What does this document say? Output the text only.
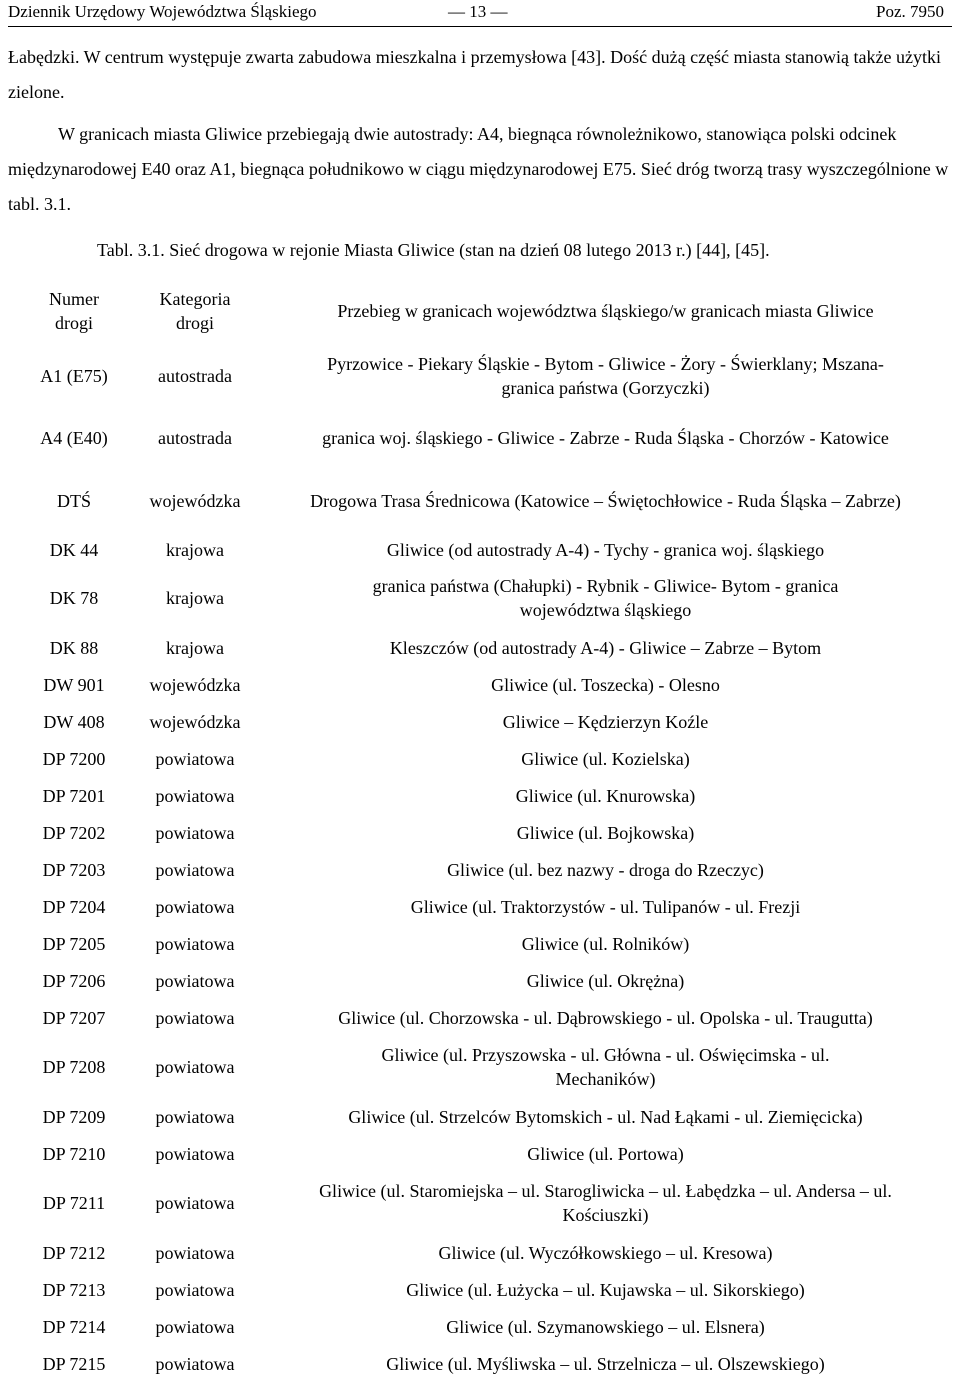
Dziennik Urzędowy Województwa Śląskiego	— 13 —	Poz. 7950

Łabędzki. W centrum występuje zwarta zabudowa mieszkalna i przemysłowa [43]. Dość dużą część miasta stanowią także użytki zielone.

W granicach miasta Gliwice przebiegają dwie autostrady: A4, biegnąca równoleżnikowo, stanowiąca polski odcinek międzynarodowej E40 oraz A1, biegnąca południkowo w ciągu międzynarodowej E75. Sieć dróg tworzą trasy wyszczególnione w tabl. 3.1.

Tabl. 3.1. Sieć drogowa w rejonie Miasta Gliwice (stan na dzień 08 lutego 2013 r.) [44], [45].
Numer drogi	Kategoria drogi	Przebieg w granicach województwa śląskiego/w granicach miasta Gliwice
A1 (E75)	autostrada	Pyrzowice - Piekary Śląskie - Bytom - Gliwice - Żory - Świerklany; Mszana- granica państwa (Gorzyczki)
A4 (E40)	autostrada	granica woj. śląskiego - Gliwice - Zabrze - Ruda Śląska - Chorzów - Katowice
DTŚ	wojewódzka	Drogowa Trasa Średnicowa (Katowice – Świętochłowice - Ruda Śląska – Zabrze)
DK 44	krajowa	Gliwice (od autostrady A-4) - Tychy - granica woj. śląskiego
DK 78	krajowa	granica państwa (Chałupki) - Rybnik - Gliwice- Bytom - granica województwa śląskiego
DK 88	krajowa	Kleszczów (od autostrady A-4) - Gliwice – Zabrze – Bytom
DW 901	wojewódzka	Gliwice (ul. Toszecka) - Olesno
DW 408	wojewódzka	Gliwice – Kędzierzyn Koźle
DP 7200	powiatowa	Gliwice (ul. Kozielska)
DP 7201	powiatowa	Gliwice (ul. Knurowska)
DP 7202	powiatowa	Gliwice (ul. Bojkowska)
DP 7203	powiatowa	Gliwice (ul. bez nazwy - droga do Rzeczyc)
DP 7204	powiatowa	Gliwice (ul. Traktorzystów - ul. Tulipanów - ul. Frezji
DP 7205	powiatowa	Gliwice (ul. Rolników)
DP 7206	powiatowa	Gliwice (ul. Okrężna)
DP 7207	powiatowa	Gliwice (ul. Chorzowska - ul. Dąbrowskiego - ul. Opolska - ul. Traugutta)
DP 7208	powiatowa	Gliwice (ul. Przyszowska - ul. Główna - ul. Oświęcimska - ul. Mechaników)
DP 7209	powiatowa	Gliwice (ul. Strzelców Bytomskich - ul. Nad Łąkami - ul. Ziemięcicka)
DP 7210	powiatowa	Gliwice (ul. Portowa)
DP 7211	powiatowa	Gliwice (ul. Staromiejska – ul. Starogliwicka – ul. Łabędzka – ul. Andersa – ul. Kościuszki)
DP 7212	powiatowa	Gliwice (ul. Wyczółkowskiego – ul. Kresowa)
DP 7213	powiatowa	Gliwice (ul. Łużycka – ul. Kujawska – ul. Sikorskiego)
DP 7214	powiatowa	Gliwice (ul. Szymanowskiego – ul. Elsnera)
DP 7215	powiatowa	Gliwice (ul. Myśliwska – ul. Strzelnicza – ul. Olszewskiego)
